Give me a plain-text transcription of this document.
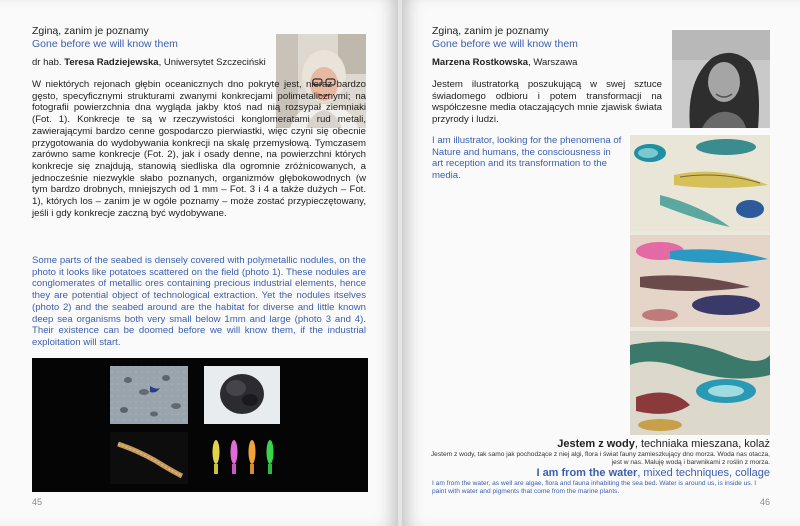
Zginą, zanim je poznamy

Gone before we will know them

dr hab. Teresa Radziejewska, Uniwersytet Szczeciński

W niektórych rejonach głębin oceanicznych dno pokryte jest, nieraz bardzo gęsto, specyficznymi strukturami zwanymi konkrecjami polimetalicznymi; na fotografii powierzchnia dna wygląda jakby ktoś nad nią rozsypał ziemniaki (Fot. 1). Konkrecje te są w rzeczywistości konglomeratami rud metali, zawierającymi bardzo cenne gospodarczo pierwiastki, więc czyni się obecnie przygotowania do wydobywania konkrecji na skalę przemysłową. Tymczasem zarówno same konkrecje (Fot. 2), jak i osady denne, na powierzchni których konkrecje się znajdują, stanowią siedliska dla ogromnie zróżnicowanych, a jednocześnie niezwykle słabo poznanych, organizmów głębokowodnych (w tym bardzo drobnych, mniejszych od 1 mm – Fot. 3 i 4 a także dużych – Fot. 1), których los – zanim je w ogóle poznamy – może zostać przypieczętowany, jeśli i gdy konkrecje zaczną być wydobywane.

Some parts of the seabed is densely covered with polymetallic nodules, on the photo it looks like potatoes scattered on the field (photo 1). These nodules are conglomerates of metallic ores containing precious industrial elements, hence they are potential object of technological extraction. Yet the nodules itselves (photo 2) and the seabed around are the habitat for diverse and little known deep sea organisms both very small below 1mm and large (photo 3 and 4). Their existence can be doomed before we will know them, if the industrial exploitation will start.

45

Zginą, zanim je poznamy

Gone before we will know them

Marzena Rostkowska, Warszawa

Jestem ilustratorką poszukującą w swej sztuce świadomego odbioru i potem transformacji na współczesne media otaczających mnie zjawisk świata przyrody i ludzi.

I am illustrator, looking for the phenomena of Nature and humans, the consciousness in art reception and its transformation to the media.

Jestem z wody, techniaka mieszana, kolaż

Jestem z wody, tak samo jak pochodzące z niej algi, flora i świat fauny zamieszkujący dno morza. Woda nas otacza, jest w nas. Maluję wodą i barwnikami z roślin z morza.

I am from the water, mixed techniques, collage

I am from the water, as well are algae, flora and fauna inhabiting the sea bed. Water is around us, is inside us. I paint with water and pigments that come from the marine plants.

46
